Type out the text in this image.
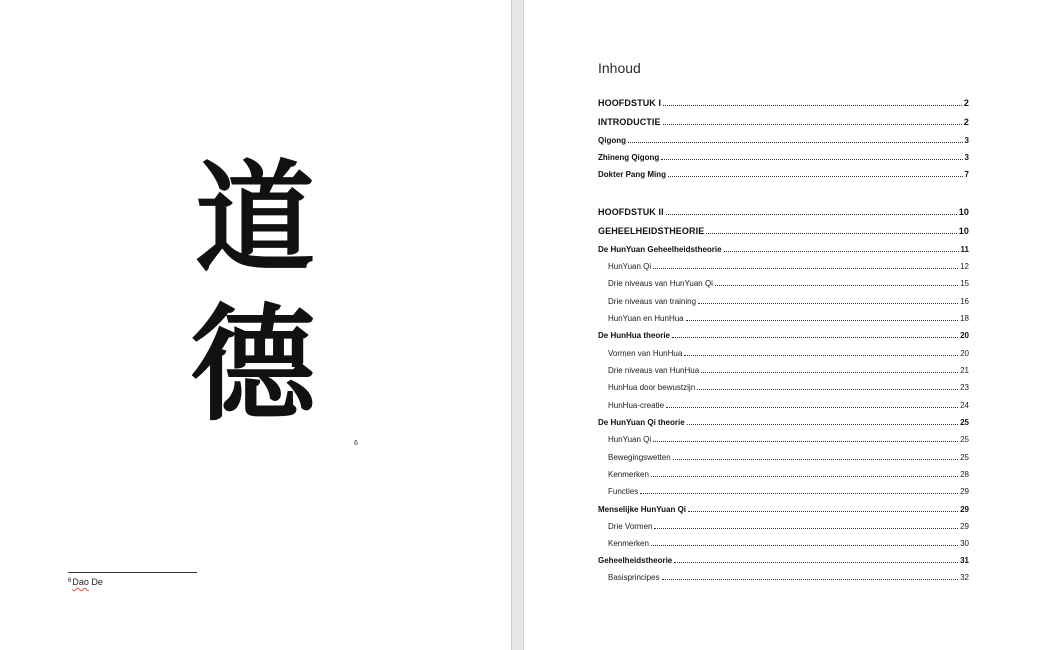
道
德
6
$^6$Dao De
Inhoud
HOOFDSTUK I	2
INTRODUCTIE	2
Qigong	3
Zhineng Qigong	3
Dokter Pang Ming	7
HOOFDSTUK II	10
GEHEELHEIDSTHEORIE	10
De HunYuan Geheelheidstheorie	11
HunYuan Qi	12
Drie niveaus van HunYuan Qi	15
Drie niveaus van training	16
HunYuan en HunHua	18
De HunHua theorie	20
Vormen van HunHua	20
Drie niveaus van HunHua	21
HunHua door bewustzijn	23
HunHua-creatie	24
De HunYuan Qi theorie	25
HunYuan Qi	25
Bewegingswetten	25
Kenmerken	28
Functies	29
Menselijke HunYuan Qi	29
Drie Vormen	29
Kenmerken	30
Geheelheidstheorie	31
Basisprincipes	32
